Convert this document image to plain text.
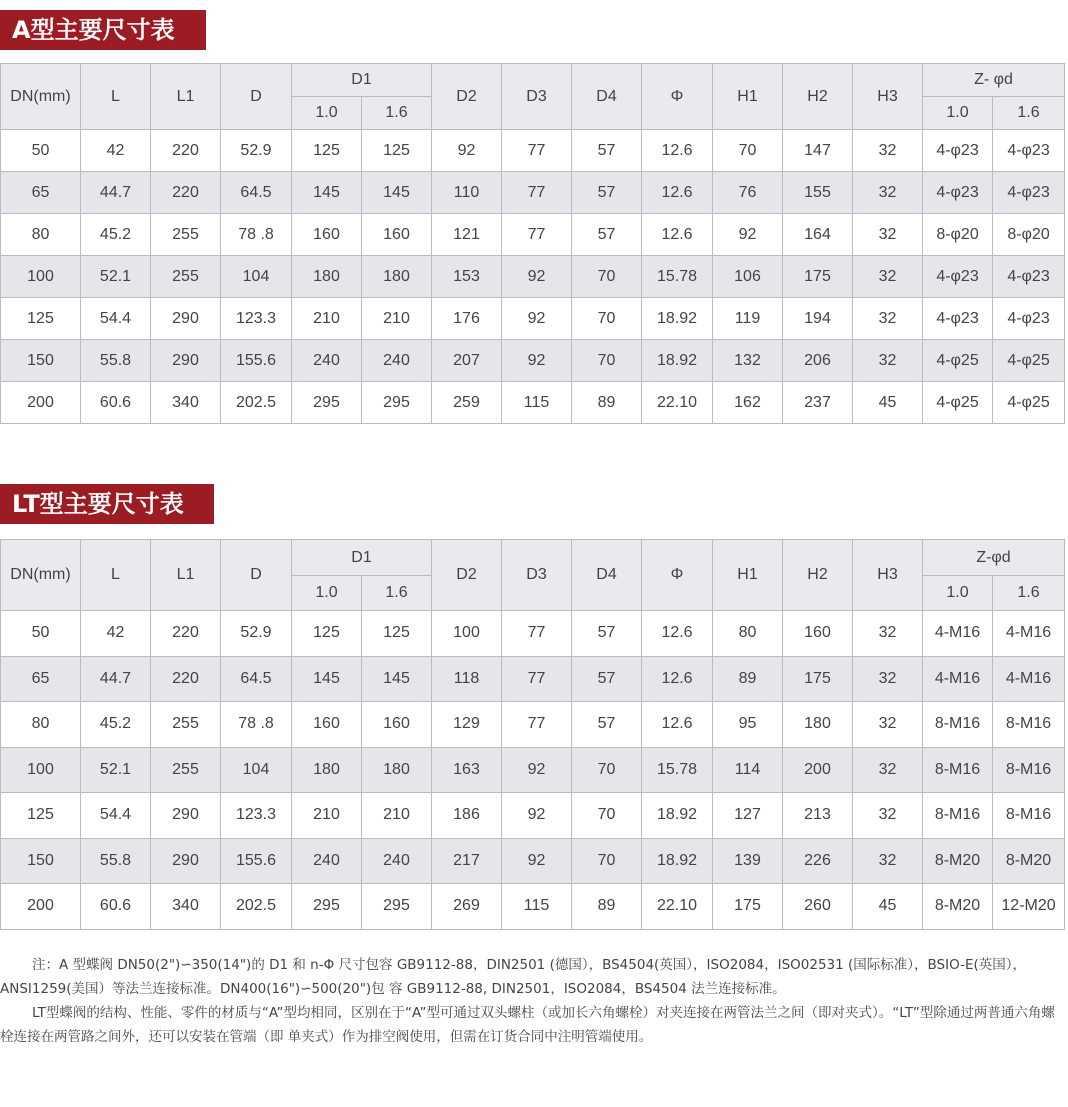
A型主要尺寸表
DN(mm)	L	L1	D	D1		D2	D3	D4	Φ	H1	H2	H3	Z- φd	
				1.0	1.6								1.0	1.6
50	42	220	52.9	125	125	92	77	57	12.6	70	147	32	4-φ23	4-φ23
65	44.7	220	64.5	145	145	110	77	57	12.6	76	155	32	4-φ23	4-φ23
80	45.2	255	78 .8	160	160	121	77	57	12.6	92	164	32	8-φ20	8-φ20
100	52.1	255	104	180	180	153	92	70	15.78	106	175	32	4-φ23	4-φ23
125	54.4	290	123.3	210	210	176	92	70	18.92	119	194	32	4-φ23	4-φ23
150	55.8	290	155.6	240	240	207	92	70	18.92	132	206	32	4-φ25	4-φ25
200	60.6	340	202.5	295	295	259	115	89	22.10	162	237	45	4-φ25	4-φ25
LT型主要尺寸表
DN(mm)	L	L1	D	D1		D2	D3	D4	Φ	H1	H2	H3	Z-φd	
				1.0	1.6								1.0	1.6
50	42	220	52.9	125	125	100	77	57	12.6	80	160	32	4-M16	4-M16
65	44.7	220	64.5	145	145	118	77	57	12.6	89	175	32	4-M16	4-M16
80	45.2	255	78 .8	160	160	129	77	57	12.6	95	180	32	8-M16	8-M16
100	52.1	255	104	180	180	163	92	70	15.78	114	200	32	8-M16	8-M16
125	54.4	290	123.3	210	210	186	92	70	18.92	127	213	32	8-M16	8-M16
150	55.8	290	155.6	240	240	217	92	70	18.92	139	226	32	8-M20	8-M20
200	60.6	340	202.5	295	295	269	115	89	22.10	175	260	45	8-M20	12-M20

注：A 型蝶阀 DN50(2")∽350(14")的 D1 和 n-Φ 尺寸包容 GB9112-88，DIN2501 (德国），BS4504(英国），ISO2084，ISO02531 (国际标准），BSIO-E(英国），ANSI1259(美国）等法兰连接标准。DN400(16")∽500(20")包 容 GB9112-88, DIN2501，ISO2084，BS4504 法兰连接标准。

LT型蝶阀的结构、性能、零件的材质与“A”型均相同，区别在于“A”型可通过双头螺柱（或加长六角螺栓）对夹连接在两管法兰之间（即对夹式）。“LT”型除通过两普通六角螺栓连接在两管路之间外，还可以安装在管端（即 单夹式）作为排空阀使用，但需在订货合同中注明管端使用。
